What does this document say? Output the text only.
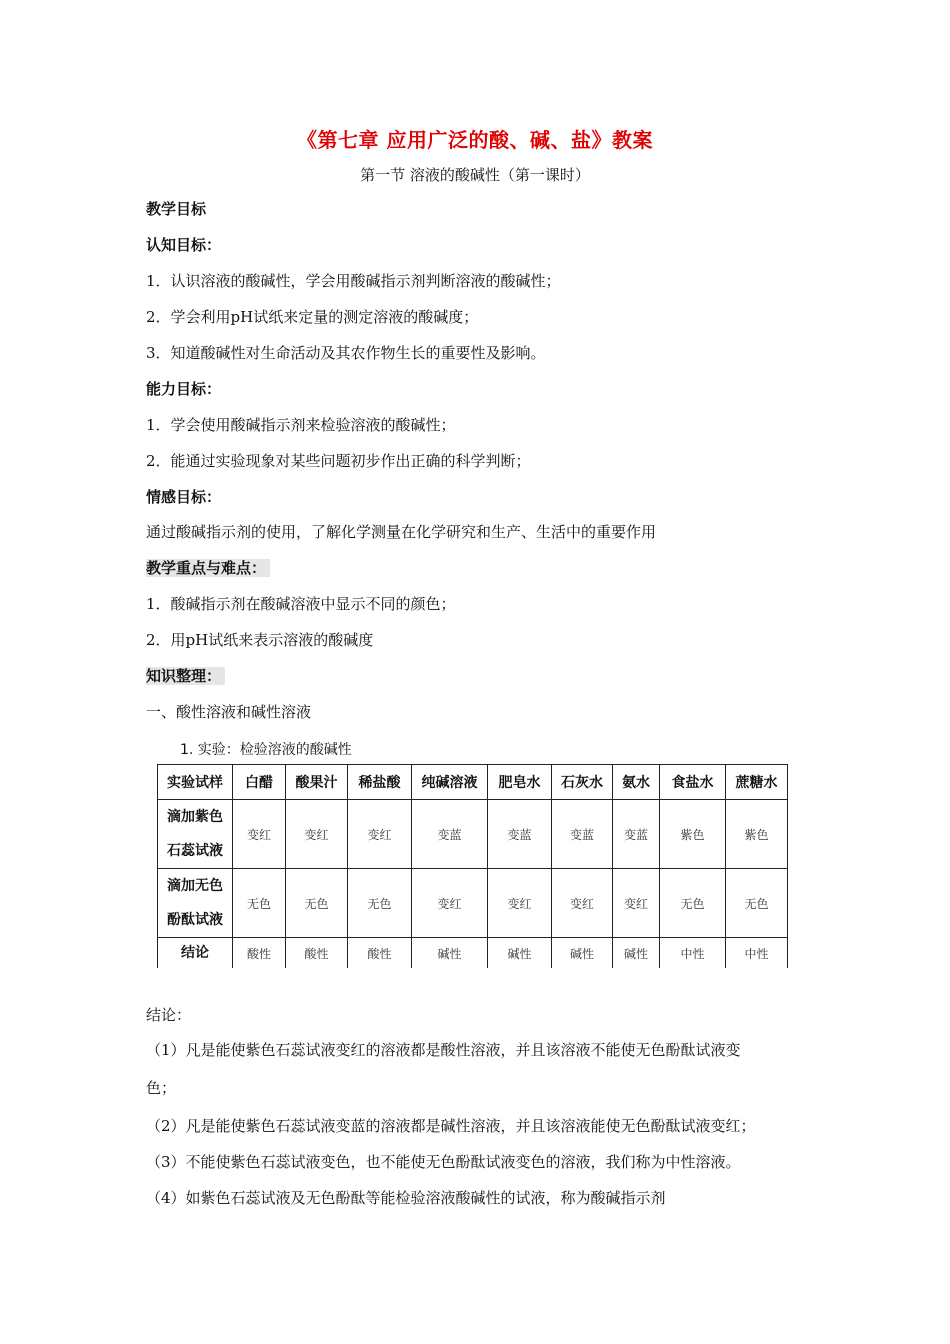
《第七章 应用广泛的酸、碱、盐》教案
第一节 溶液的酸碱性（第一课时）
教学目标
认知目标：
1．认识溶液的酸碱性，学会用酸碱指示剂判断溶液的酸碱性；
2．学会利用pH试纸来定量的测定溶液的酸碱度；
3．知道酸碱性对生命活动及其农作物生长的重要性及影响。
能力目标：
1．学会使用酸碱指示剂来检验溶液的酸碱性；
2．能通过实验现象对某些问题初步作出正确的科学判断；
情感目标：
通过酸碱指示剂的使用，了解化学测量在化学研究和生产、生活中的重要作用
教学重点与难点：
1．酸碱指示剂在酸碱溶液中显示不同的颜色；
2．用pH试纸来表示溶液的酸碱度
知识整理：
一、酸性溶液和碱性溶液
1. 实验：检验溶液的酸碱性
实验试样	白醋	酸果汁	稀盐酸	纯碱溶液	肥皂水	石灰水	氨水	食盐水	蔗糖水

滴加紫色
石蕊试液	变红	变红	变红	变蓝	变蓝	变蓝	变蓝	紫色	紫色

滴加无色
酚酞试液	无色	无色	无色	变红	变红	变红	变红	无色	无色
结论	酸性	酸性	酸性	碱性	碱性	碱性	碱性	中性	中性
结论：
（1）凡是能使紫色石蕊试液变红的溶液都是酸性溶液，并且该溶液不能使无色酚酞试液变
色；
（2）凡是能使紫色石蕊试液变蓝的溶液都是碱性溶液，并且该溶液能使无色酚酞试液变红；
（3）不能使紫色石蕊试液变色，也不能使无色酚酞试液变色的溶液，我们称为中性溶液。
（4）如紫色石蕊试液及无色酚酞等能检验溶液酸碱性的试液，称为酸碱指示剂
